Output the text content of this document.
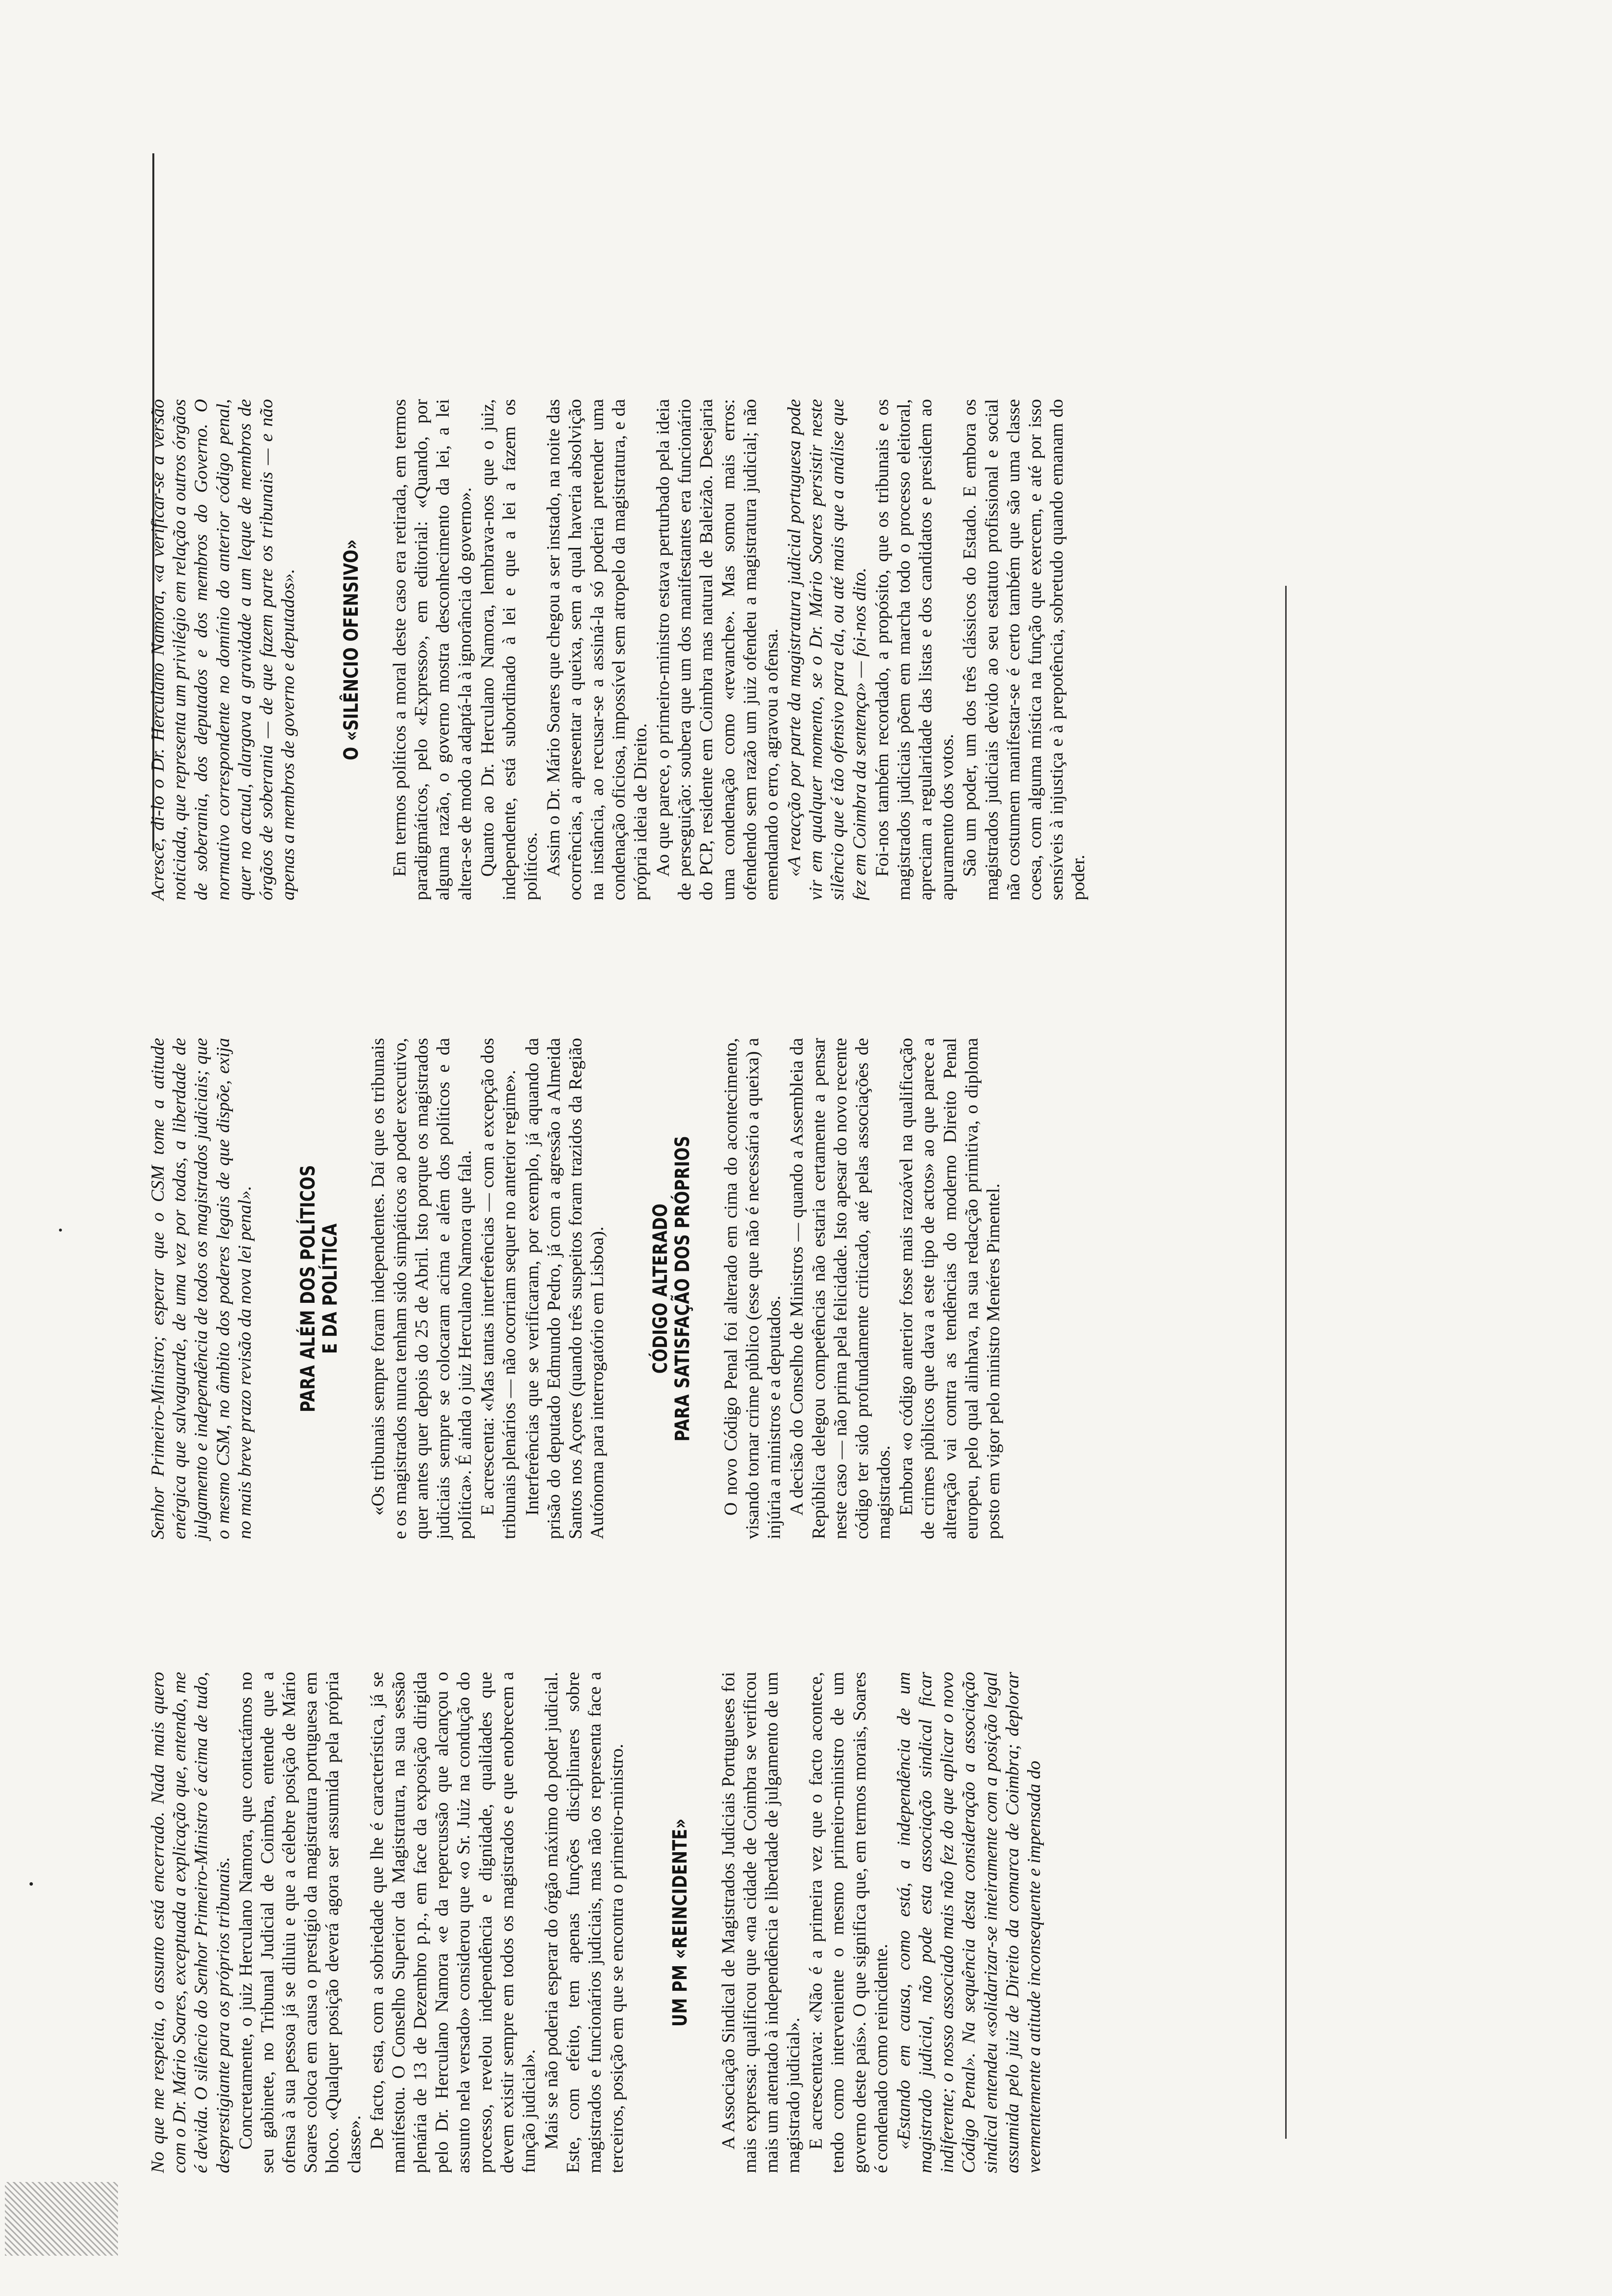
No que me respeita, o assunto está encerrado. Nada mais quero com o Dr. Mário Soares, exceptuada a explicação que, entendo, me é devida. O silêncio do Senhor Primeiro-Ministro é acima de tudo, desprestigiante para os próprios tribunais. Concretamente, o juiz Herculano Namora, que contactámos no seu gabinete, no Tribunal Judicial de Coimbra, entende que a ofensa à sua pessoa já se diluiu e que a célebre posição de Mário Soares coloca em causa o prestígio da magistratura portuguesa em bloco. «Qualquer posição deverá agora ser assumida pela própria classe». De facto, esta, com a sobriedade que lhe é característica, já se manifestou. O Conselho Superior da Magistratura, na sua sessão plenária de 13 de Dezembro p.p., em face da exposição dirigida pelo Dr. Herculano Namora «e da repercussão que alcançou o assunto nela versado» considerou que «o Sr. Juiz na condução do processo, revelou independência e dignidade, qualidades que devem existir sempre em todos os magistrados e que enobrecem a função judicial». Mais se não poderia esperar do órgão máximo do poder judicial. Este, com efeito, tem apenas funções disciplinares sobre magistrados e funcionários judiciais, mas não os representa face a terceiros, posição em que se encontra o primeiro-ministro. UM PM «REINCIDENTE» A Associação Sindical de Magistrados Judiciais Portugueses foi mais expressa: qualificou que «na cidade de Coimbra se verificou mais um atentado à independência e liberdade de julgamento de um magistrado judicial». E acrescentava: «Não é a primeira vez que o facto acontece, tendo como interveniente o mesmo primeiro-ministro de um governo deste país». O que significa que, em termos morais, Soares é condenado como reincidente. «Estando em causa, como está, a independência de um magistrado judicial, não pode esta associação sindical ficar indiferente; o nosso associado mais não fez do que aplicar o novo Código Penal». Na sequência desta consideração a associação sindical entendeu «solidarizar-se inteiramente com a posição legal assumida pelo juiz de Direito da comarca de Coimbra; deplorar veementemente a atitude inconsequente e impensada do

Senhor Primeiro-Ministro; esperar que o CSM tome a atitude enérgica que salvaguarde, de uma vez por todas, a liberdade de julgamento e independência de todos os magistrados judiciais; que o mesmo CSM, no âmbito dos poderes legais de que dispõe, exija no mais breve prazo revisão da nova lei penal». PARA ALÉM DOS POLÍTICOS
E DA POLÍTICA «Os tribunais sempre foram independentes. Daí que os tribunais e os magistrados nunca tenham sido simpáticos ao poder executivo, quer antes quer depois do 25 de Abril. Isto porque os magistrados judiciais sempre se colocaram acima e além dos políticos e da política». É ainda o juiz Herculano Namora que fala. E acrescenta: «Mas tantas interferências — com a excepção dos tribunais plenários — não ocorriam sequer no anterior regime». Interferências que se verificaram, por exemplo, já aquando da prisão do deputado Edmundo Pedro, já com a agressão a Almeida Santos nos Açores (quando três suspeitos foram trazidos da Região Autónoma para interrogatório em Lisboa). CÓDIGO ALTERADO
PARA SATISFAÇÃO DOS PRÓPRIOS O novo Código Penal foi alterado em cima do acontecimento, visando tornar crime público (esse que não é necessário a queixa) a injúria a ministros e a deputados. A decisão do Conselho de Ministros — quando a Assembleia da República delegou competências não estaria certamente a pensar neste caso — não prima pela felicidade. Isto apesar do novo recente código ter sido profundamente criticado, até pelas associações de magistrados. Embora «o código anterior fosse mais razoável na qualificação de crimes públicos que dava a este tipo de actos» ao que parece a alteração vai contra as tendências do moderno Direito Penal europeu, pelo qual alinhava, na sua redacção primitiva, o diploma posto em vigor pelo ministro Menéres Pimentel.

Acresce, di-lo o Dr. Herculano Namora, «a verificar-se a versão noticiada, que representa um privilégio em relação a outros órgãos de soberania, dos deputados e dos membros do Governo. O normativo correspondente no domínio do anterior código penal, quer no actual, alargava a gravidade a um leque de membros de órgãos de soberania — de que fazem parte os tribunais — e não apenas a membros de governo e deputados». O «SILÊNCIO OFENSIVO» Em termos políticos a moral deste caso era retirada, em termos paradigmáticos, pelo «Expresso», em editorial: «Quando, por alguma razão, o governo mostra desconhecimento da lei, a lei altera-se de modo a adaptá-la à ignorância do governo». Quanto ao Dr. Herculano Namora, lembrava-nos que o juiz, independente, está subordinado à lei e que a lei a fazem os políticos. Assim o Dr. Mário Soares que chegou a ser instado, na noite das ocorrências, a apresentar a queixa, sem a qual haveria absolvição na instância, ao recusar-se a assiná-la só poderia pretender uma condenação oficiosa, impossível sem atropelo da magistratura, e da própria ideia de Direito. Ao que parece, o primeiro-ministro estava perturbado pela ideia de perseguição: soubera que um dos manifestantes era funcionário do PCP, residente em Coimbra mas natural de Baleizão. Desejaria uma condenação como «revanche». Mas somou mais erros: ofendendo sem razão um juiz ofendeu a magistratura judicial; não emendando o erro, agravou a ofensa. «A reacção por parte da magistratura judicial portuguesa pode vir em qualquer momento, se o Dr. Mário Soares persistir neste silêncio que é tão ofensivo para ela, ou até mais que a análise que fez em Coimbra da sentença» — foi-nos dito. Foi-nos também recordado, a propósito, que os tribunais e os magistrados judiciais põem em marcha todo o processo eleitoral, apreciam a regularidade das listas e dos candidatos e presidem ao apuramento dos votos. São um poder, um dos três clássicos do Estado. E embora os magistrados judiciais devido ao seu estatuto profissional e social não costumem manifestar-se é certo também que são uma classe coesa, com alguma mística na função que exercem, e até por isso sensíveis à injustiça e à prepotência, sobretudo quando emanam do poder.
